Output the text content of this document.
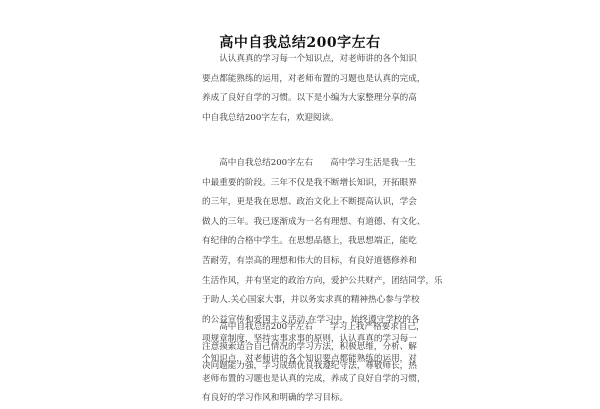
高中自我总结200字左右
　　认认真真的学习每一个知识点，对老师讲的各个知识
要点都能熟练的运用，对老师布置的习题也是认真的完成，
养成了良好自学的习惯。以下是小编为大家整理分享的高
中自我总结200字左右，欢迎阅读。
　　高中自我总结200字左右　　高中学习生活是我一生
中最重要的阶段。三年不仅是我不断增长知识，开拓眼界
的三年，更是我在思想、政治文化上不断提高认识，学会
做人的三年。我已逐渐成为一名有理想、有道德、有文化、
有纪律的合格中学生。在思想品德上，我思想端正，能吃
苦耐劳，有崇高的理想和伟大的目标，有良好道德修养和
生活作风，并有坚定的政治方向，爱护公共财产，团结同学，乐
于助人.关心国家大事，并以务实求真的精神热心参与学校
的公益宣传和爱国主义活动.在学习中，始终遵守学校的各
项规章制度，坚持实事求事的原则，认认真真的学习每一
个知识点，对老师讲的各个知识要点都能熟练的运用，对
老师布置的习题也是认真的完成，养成了良好自学的习惯，
有良好的学习作风和明确的学习目标。
　　高中自我总结200字左右　　学习上我严格要求自己，
注意摸索适合自己情况的学习方法，积极思维，分析、解
决问题能力强，学习成绩优良我遵纪守法，尊敬师长，热
